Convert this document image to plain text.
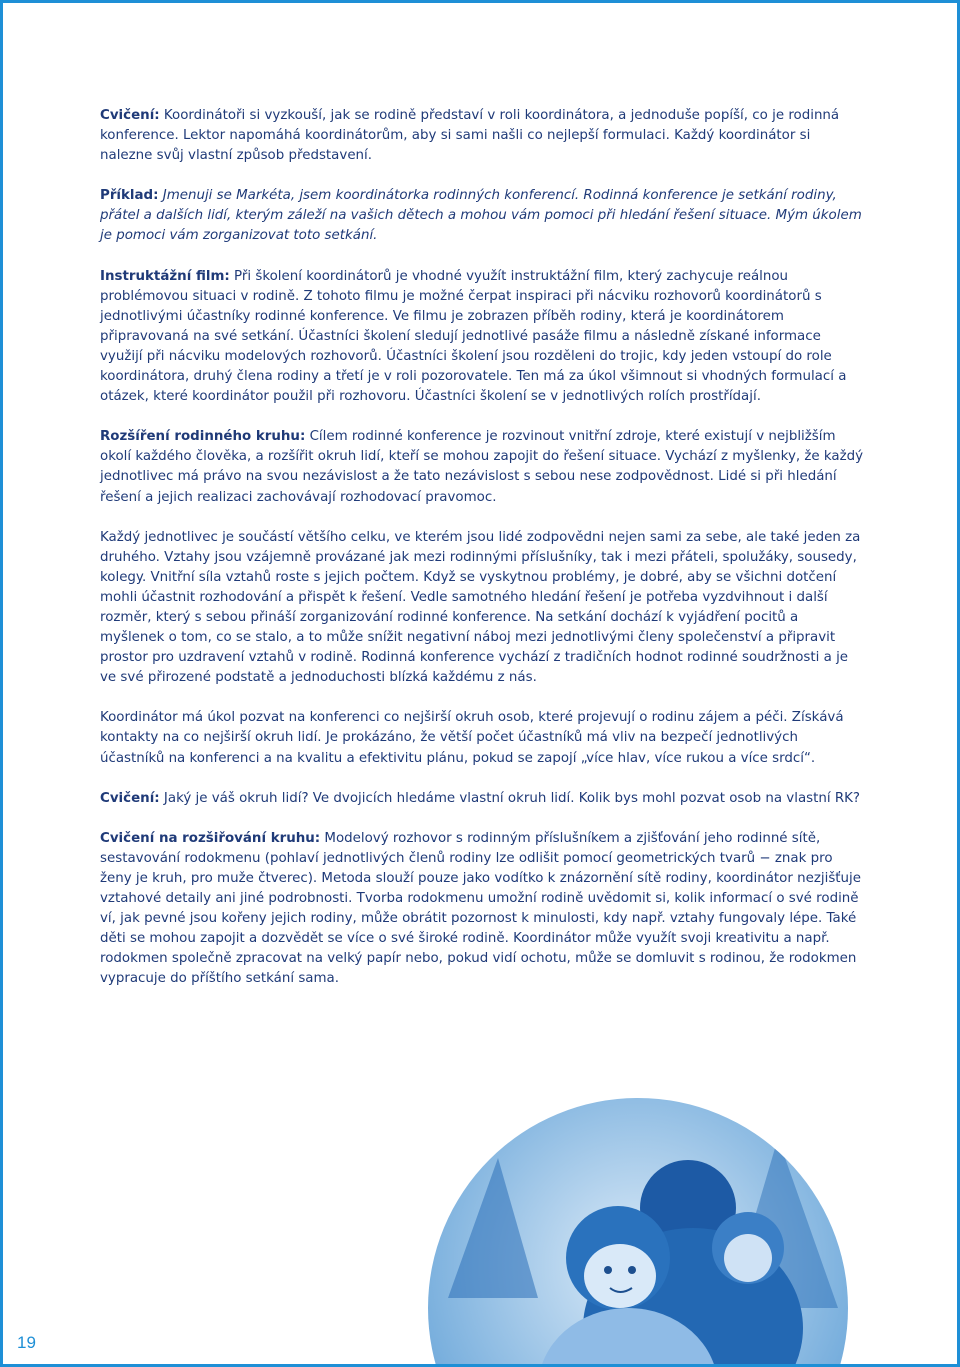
Cvičení: Koordinátoři si vyzkouší, jak se rodině představí v roli koordinátora, a jednoduše popíší, co je rodinná konference. Lektor napomáhá koordinátorům, aby si sami našli co nejlepší formulaci. Každý koordinátor si nalezne svůj vlastní způsob představení.

Příklad: Jmenuji se Markéta, jsem koordinátorka rodinných konferencí. Rodinná konference je setkání rodiny, přátel a dalších lidí, kterým záleží na vašich dětech a mohou vám pomoci při hledání řešení situace. Mým úkolem je pomoci vám zorganizovat toto setkání.

Instruktážní film: Při školení koordinátorů je vhodné využít instruktážní film, který zachycuje reálnou problémovou situaci v rodině. Z tohoto filmu je možné čerpat inspiraci při nácviku rozhovorů koordinátorů s jednotlivými účastníky rodinné konference. Ve filmu je zobrazen příběh rodiny, která je koordinátorem připravovaná na své setkání. Účastníci školení sledují jednotlivé pasáže filmu a následně získané informace využijí při nácviku modelových rozhovorů. Účastníci školení jsou rozděleni do trojic, kdy jeden vstoupí do role koordinátora, druhý člena rodiny a třetí je v roli pozorovatele. Ten má za úkol všimnout si vhodných formulací a otázek, které koordinátor použil při rozhovoru. Účastníci školení se v jednotlivých rolích prostřídají.

Rozšíření rodinného kruhu: Cílem rodinné konference je rozvinout vnitřní zdroje, které existují v nejbližším okolí každého člověka, a rozšířit okruh lidí, kteří se mohou zapojit do řešení situace. Vychází z myšlenky, že každý jednotlivec má právo na svou nezávislost a že tato nezávislost s sebou nese zodpovědnost. Lidé si při hledání řešení a jejich realizaci zachovávají rozhodovací pravomoc.

Každý jednotlivec je součástí většího celku, ve kterém jsou lidé zodpovědni nejen sami za sebe, ale také jeden za druhého. Vztahy jsou vzájemně provázané jak mezi rodinnými příslušníky, tak i mezi přáteli, spolužáky, sousedy, kolegy. Vnitřní síla vztahů roste s jejich počtem. Když se vyskytnou problémy, je dobré, aby se všichni dotčení mohli účastnit rozhodování a přispět k řešení. Vedle samotného hledání řešení je potřeba vyzdvihnout i další rozměr, který s sebou přináší zorganizování rodinné konference. Na setkání dochází k vyjádření pocitů a myšlenek o tom, co se stalo, a to může snížit negativní náboj mezi jednotlivými členy společenství a připravit prostor pro uzdravení vztahů v rodině. Rodinná konference vychází z tradičních hodnot rodinné soudržnosti a je ve své přirozené podstatě a jednoduchosti blízká každému z nás.

Koordinátor má úkol pozvat na konferenci co nejširší okruh osob, které projevují o rodinu zájem a péči. Získává kontakty na co nejširší okruh lidí. Je prokázáno, že větší počet účastníků má vliv na bezpečí jednotlivých účastníků na konferenci a na kvalitu a efektivitu plánu, pokud se zapojí „více hlav, více rukou a více srdcí“.

Cvičení: Jaký je váš okruh lidí? Ve dvojicích hledáme vlastní okruh lidí. Kolik bys mohl pozvat osob na vlastní RK?

Cvičení na rozšiřování kruhu: Modelový rozhovor s rodinným příslušníkem a zjišťování jeho rodinné sítě, sestavování rodokmenu (pohlaví jednotlivých členů rodiny lze odlišit pomocí geometrických tvarů − znak pro ženy je kruh, pro muže čtverec). Metoda slouží pouze jako vodítko k znázornění sítě rodiny, koordinátor nezjišťuje vztahové detaily ani jiné podrobnosti. Tvorba rodokmenu umožní rodině uvědomit si, kolik informací o své rodině ví, jak pevné jsou kořeny jejich rodiny, může obrátit pozornost k minulosti, kdy např. vztahy fungovaly lépe. Také děti se mohou zapojit a dozvědět se více o své široké rodině. Koordinátor může využít svoji kreativitu a např. rodokmen společně zpracovat na velký papír nebo, pokud vidí ochotu, může se domluvit s rodinou, že rodokmen vypracuje do příštího setkání sama.

19
